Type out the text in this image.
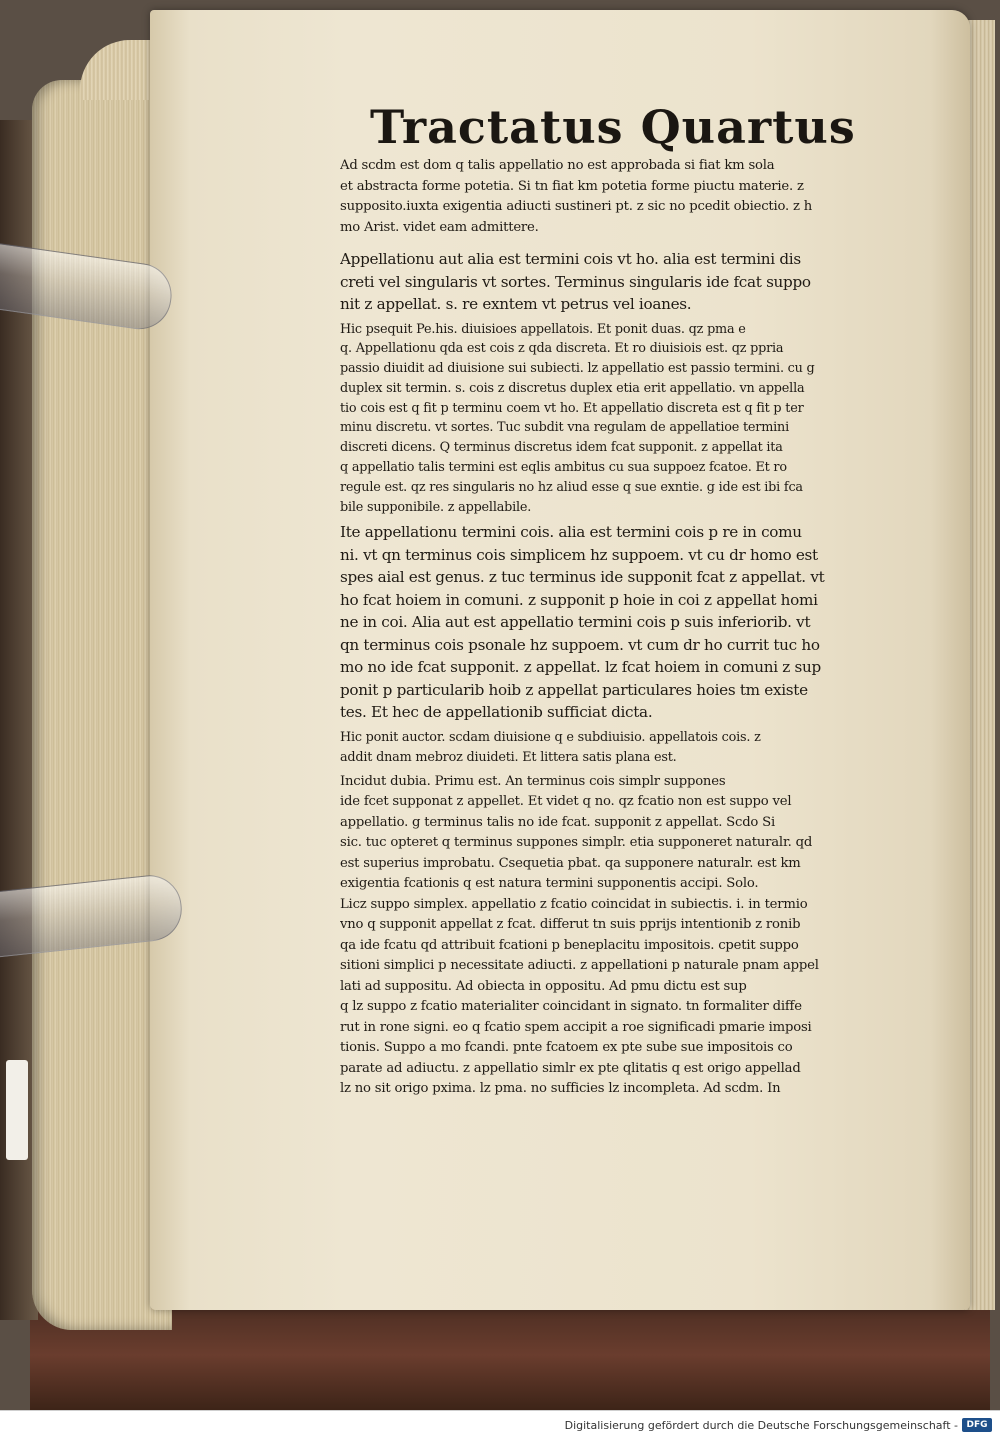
Tractatus Quartus
Ad scdm est dom q talis appellatio no est approbada si fiat km sola
et abstracta forme potetia. Si tn fiat km potetia forme piuctu materie. z
supposito.iuxta exigentia adiucti sustineri pt. z sic no pcedit obiectio. z h
mo Arist. videt eam admittere.
Appellationu aut alia est termini cois vt ho. alia est termini dis
creti vel singularis vt sortes. Terminus singularis ide fcat suppo
nit z appellat. s. re exntem vt petrus vel ioanes.
Hic psequit Pe.his. diuisioes appellatois. Et ponit duas. qz pma e
q. Appellationu qda est cois z qda discreta. Et ro diuisiois est. qz ppria
passio diuidit ad diuisione sui subiecti. lz appellatio est passio termini. cu g
duplex sit termin. s. cois z discretus duplex etia erit appellatio. vn appella
tio cois est q fit p terminu coem vt ho. Et appellatio discreta est q fit p ter
minu discretu. vt sortes. Tuc subdit vna regulam de appellatioe termini
discreti dicens. Q terminus discretus idem fcat supponit. z appellat ita
q appellatio talis termini est eqlis ambitus cu sua suppoez fcatoe. Et ro
regule est. qz res singularis no hz aliud esse q sue exntie. g ide est ibi fca
bile supponibile. z appellabile.
Ite appellationu termini cois. alia est termini cois p re in comu
ni. vt qn terminus cois simplicem hz suppoem. vt cu dr homo est
spes aial est genus. z tuc terminus ide supponit fcat z appellat. vt
ho fcat hoiem in comuni. z supponit p hoie in coi z appellat homi
ne in coi. Alia aut est appellatio termini cois p suis inferiorib. vt
qn terminus cois psonale hz suppoem. vt cum dr ho currit tuc ho
mo no ide fcat supponit. z appellat. lz fcat hoiem in comuni z sup
ponit p particularib hoib z appellat particulares hoies tm existe
tes. Et hec de appellationib sufficiat dicta.
Hic ponit auctor. scdam diuisione q e subdiuisio. appellatois cois. z
addit dnam mebroz diuideti. Et littera satis plana est.
Incidut dubia. Primu est. An terminus cois simplr suppones
ide fcet supponat z appellet. Et videt q no. qz fcatio non est suppo vel
appellatio. g terminus talis no ide fcat. supponit z appellat. Scdo Si
sic. tuc opteret q terminus suppones simplr. etia supponeret naturalr. qd
est superius improbatu. Csequetia pbat. qa supponere naturalr. est km
exigentia fcationis q est natura termini supponentis accipi. Solo.
Licz suppo simplex. appellatio z fcatio coincidat in subiectis. i. in termio
vno q supponit appellat z fcat. differut tn suis pprijs intentionib z ronib
qa ide fcatu qd attribuit fcationi p beneplacitu impositois. cpetit suppo
sitioni simplici p necessitate adiucti. z appellationi p naturale pnam appel
lati ad suppositu. Ad obiecta in oppositu. Ad pmu dictu est sup
q lz suppo z fcatio materialiter coincidant in signato. tn formaliter diffe
rut in rone signi. eo q fcatio spem accipit a roe significadi pmarie imposi
tionis. Suppo a mo fcandi. pnte fcatoem ex pte sube sue impositois co
parate ad adiuctu. z appellatio simlr ex pte qlitatis q est origo appellad
lz no sit origo pxima. lz pma. no sufficies lz incompleta. Ad scdm. In
Digitalisierung gefördert durch die Deutsche Forschungsgemeinschaft - DFG
